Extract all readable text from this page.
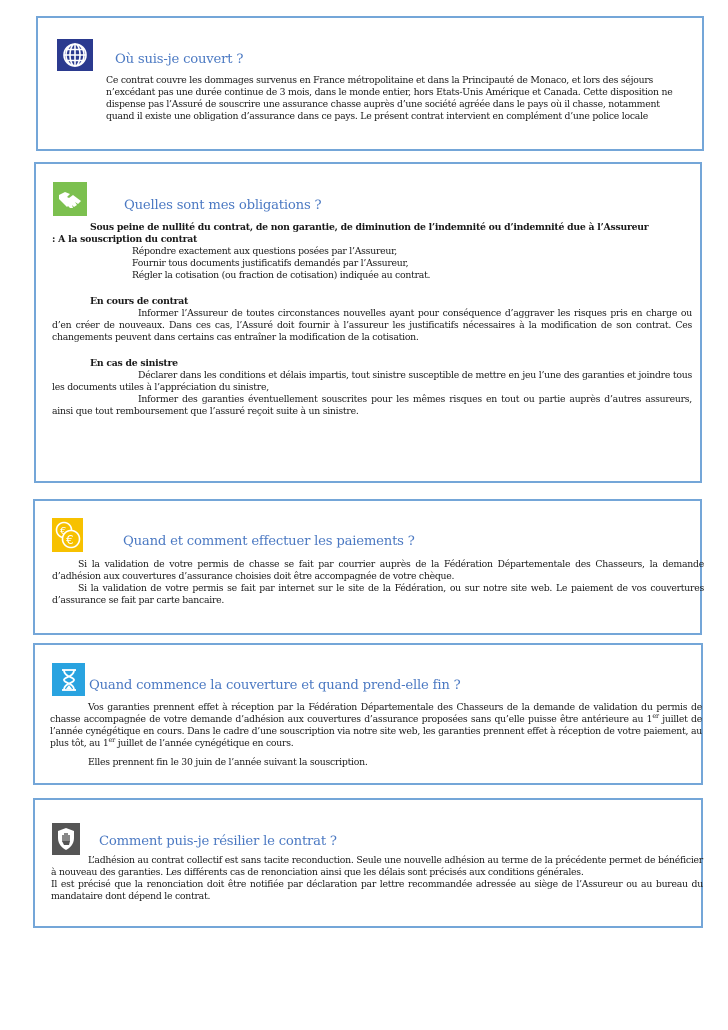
Où suis-je couvert ?

Ce contrat couvre les dommages survenus en France métropolitaine et dans la Principauté de Monaco, et lors des séjours n’excédant pas une durée continue de 3 mois, dans le monde entier, hors Etats-Unis Amérique et Canada. Cette disposition ne dispense pas l’Assuré de souscrire une assurance chasse auprès d’une société agréée dans le pays où il chasse, notamment quand il existe une obligation d’assurance dans ce pays. Le présent contrat intervient en complément d’une police locale

Quelles sont mes obligations ?

Sous peine de nullité du contrat, de non garantie, de diminution de l’indemnité ou d’indemnité due à l’Assureur

: A la souscription du contrat

Répondre exactement aux questions posées par l’Assureur,

Fournir tous documents justificatifs demandés par l’Assureur,

Régler la cotisation (ou fraction de cotisation) indiquée au contrat.

En cours de contrat

Informer l’Assureur de toutes circonstances nouvelles ayant pour conséquence d’aggraver les risques pris en charge ou d’en créer de nouveaux. Dans ces cas, l’Assuré doit fournir à l’assureur les justificatifs nécessaires à la modification de son contrat. Ces changements peuvent dans certains cas entraîner la modification de la cotisation.

En cas de sinistre

Déclarer dans les conditions et délais impartis, tout sinistre susceptible de mettre en jeu l’une des garanties et joindre tous les documents utiles à l’appréciation du sinistre,

Informer des garanties éventuellement souscrites pour les mêmes risques en tout ou partie auprès d’autres assureurs, ainsi que tout remboursement que l’assuré reçoit suite à un sinistre.

€
€	Quand et comment effectuer les paiements ?

Si la validation de votre permis de chasse se fait par courrier auprès de la Fédération Départementale des Chasseurs, la demande d’adhésion aux couvertures d’assurance choisies doit être accompagnée de votre chèque.

Si la validation de votre permis se fait par internet sur le site de la Fédération, ou sur notre site web. Le paiement de vos couvertures d’assurance se fait par carte bancaire.

Quand commence la couverture et quand prend-elle fin ?

Vos garanties prennent effet à réception par la Fédération Départementale des Chasseurs de la demande de validation du permis de chasse accompagnée de votre demande d’adhésion aux couvertures d’assurance proposées sans qu’elle puisse être antérieure au 1er juillet de l’année cynégétique en cours. Dans le cadre d’une souscription via notre site web, les garanties prennent effet à réception de votre paiement, au plus tôt, au 1er juillet de l’année cynégétique en cours.

Elles prennent fin le 30 juin de l’année suivant la souscription.

Comment puis-je résilier le contrat ?

L’adhésion au contrat collectif est sans tacite reconduction. Seule une nouvelle adhésion au terme de la précédente permet de bénéficier à nouveau des garanties. Les différents cas de renonciation ainsi que les délais sont précisés aux conditions générales.

Il est précisé que la renonciation doit être notifiée par déclaration par lettre recommandée adressée au siège de l’Assureur ou au bureau du mandataire dont dépend le contrat.
